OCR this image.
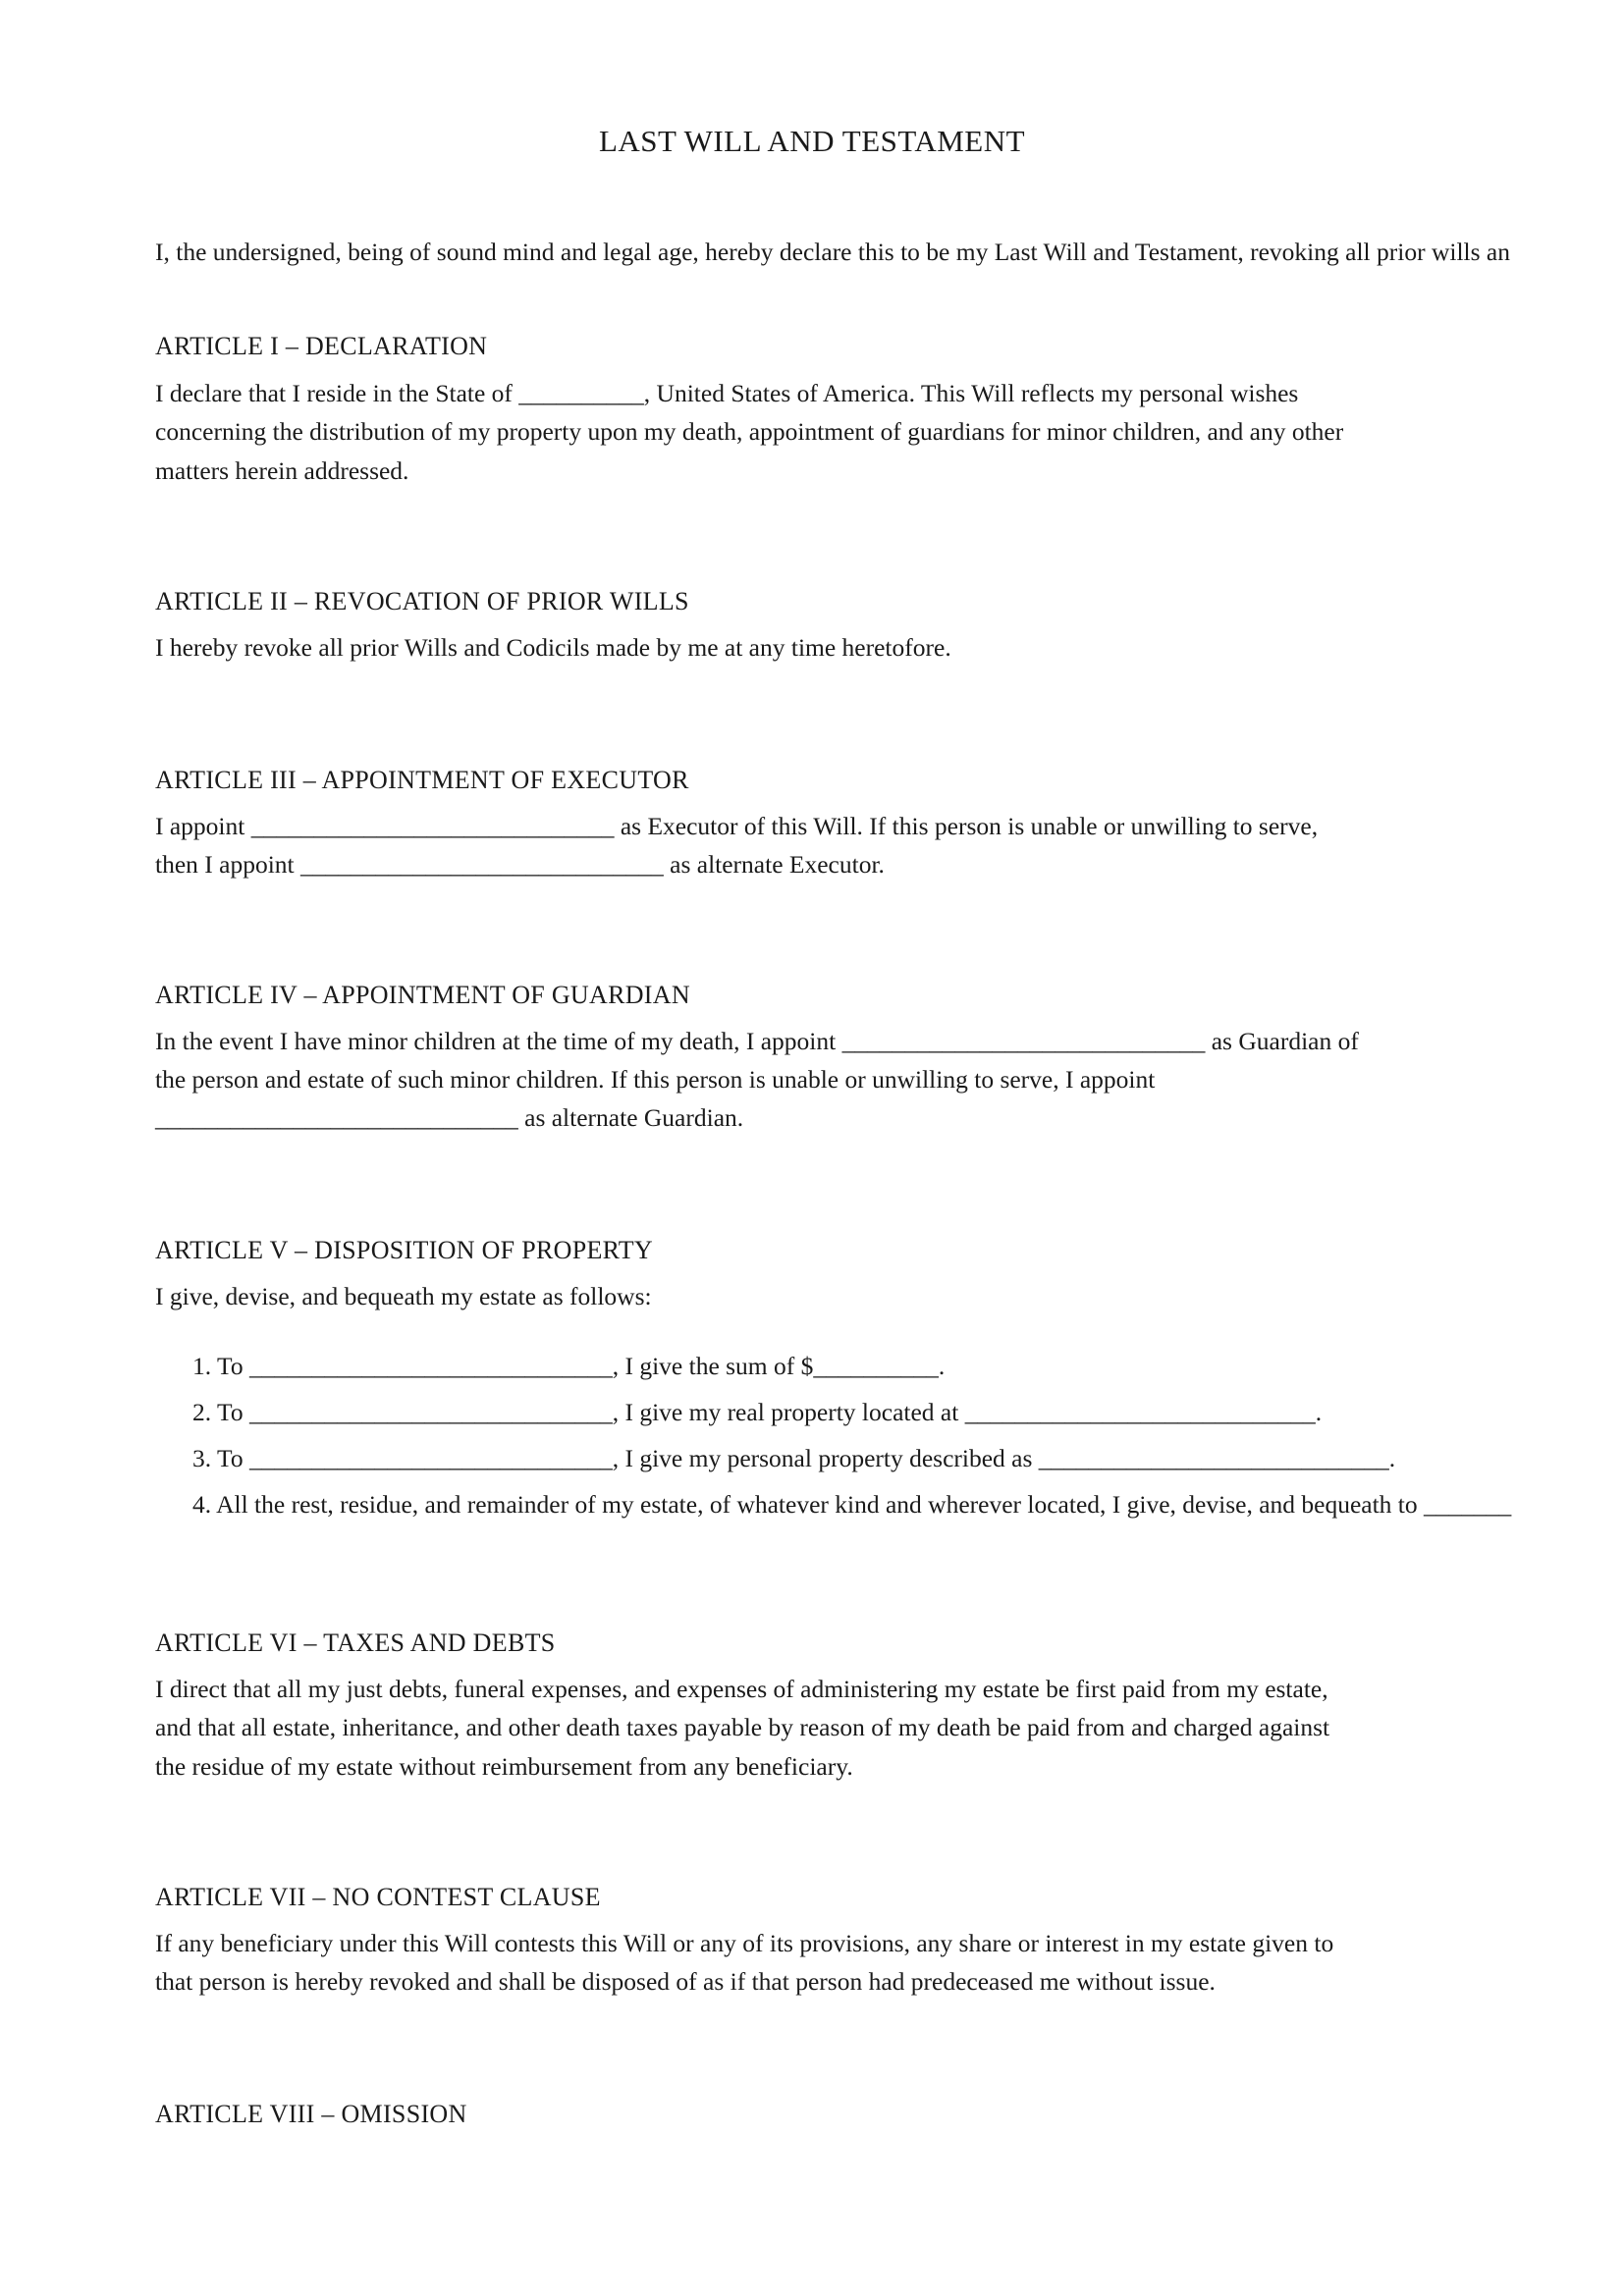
LAST WILL AND TESTAMENT
I, the undersigned, being of sound mind and legal age, hereby declare this to be my Last Will and Testament, revoking all prior wills an
ARTICLE I – DECLARATION
I declare that I reside in the State of __________, United States of America. This Will reflects my personal wishes
concerning the distribution of my property upon my death, appointment of guardians for minor children, and any other
matters herein addressed.
ARTICLE II – REVOCATION OF PRIOR WILLS
I hereby revoke all prior Wills and Codicils made by me at any time heretofore.
ARTICLE III – APPOINTMENT OF EXECUTOR
I appoint _____________________________ as Executor of this Will. If this person is unable or unwilling to serve,
then I appoint _____________________________ as alternate Executor.
ARTICLE IV – APPOINTMENT OF GUARDIAN
In the event I have minor children at the time of my death, I appoint _____________________________ as Guardian of
the person and estate of such minor children. If this person is unable or unwilling to serve, I appoint
_____________________________ as alternate Guardian.
ARTICLE V – DISPOSITION OF PROPERTY
I give, devise, and bequeath my estate as follows:
1. To _____________________________, I give the sum of $__________.
2. To _____________________________, I give my real property located at ____________________________.
3. To _____________________________, I give my personal property described as ____________________________.
4. All the rest, residue, and remainder of my estate, of whatever kind and wherever located, I give, devise, and bequeath to _______
ARTICLE VI – TAXES AND DEBTS
I direct that all my just debts, funeral expenses, and expenses of administering my estate be first paid from my estate,
and that all estate, inheritance, and other death taxes payable by reason of my death be paid from and charged against
the residue of my estate without reimbursement from any beneficiary.
ARTICLE VII – NO CONTEST CLAUSE
If any beneficiary under this Will contests this Will or any of its provisions, any share or interest in my estate given to
that person is hereby revoked and shall be disposed of as if that person had predeceased me without issue.
ARTICLE VIII – OMISSION
